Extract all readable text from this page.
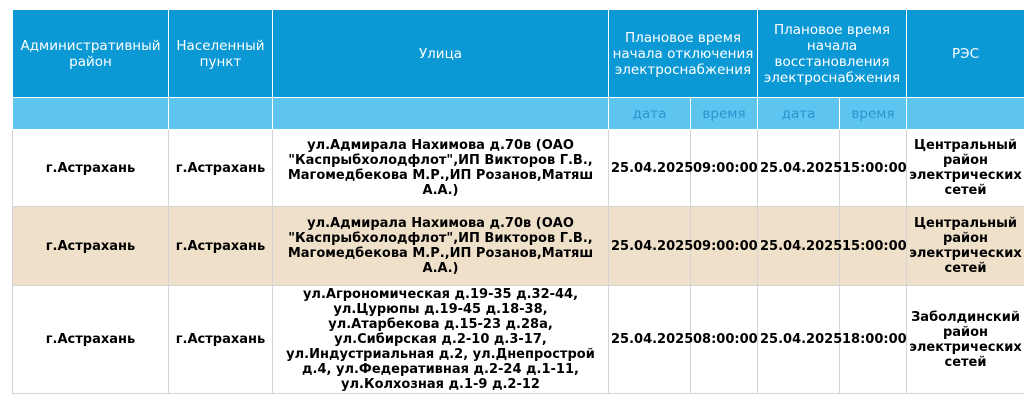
Административный район	Населенный пункт	Улица	Плановое время начала отключения электроснабжения		Плановое время начала восстановления электроснабжения		РЭС	
			дата	время	дата	время		
г.Астрахань	г.Астрахань	ул.Адмирала Нахимова д.70в (ОАО "Каспрыбхолодфлот",ИП Викторов Г.В., Магомедбекова М.Р.,ИП Розанов,Матяш А.А.)	25.04.2025	09:00:00	25.04.2025	15:00:00	Центральный район электрических сетей	
г.Астрахань	г.Астрахань	ул.Адмирала Нахимова д.70в (ОАО "Каспрыбхолодфлот",ИП Викторов Г.В., Магомедбекова М.Р.,ИП Розанов,Матяш А.А.)	25.04.2025	09:00:00	25.04.2025	15:00:00	Центральный район электрических сетей	
г.Астрахань	г.Астрахань	ул.Агрономическая д.19-35 д.32-44, ул.Цурюпы д.19-45 д.18-38, ул.Атарбекова д.15-23 д.28а, ул.Сибирская д.2-10 д.3-17, ул.Индустриальная д.2, ул.Днепрострой д.4, ул.Федеративная д.2-24 д.1-11, ул.Колхозная д.1-9 д.2-12	25.04.2025	08:00:00	25.04.2025	18:00:00	Заболдинский район электрических сетей	
